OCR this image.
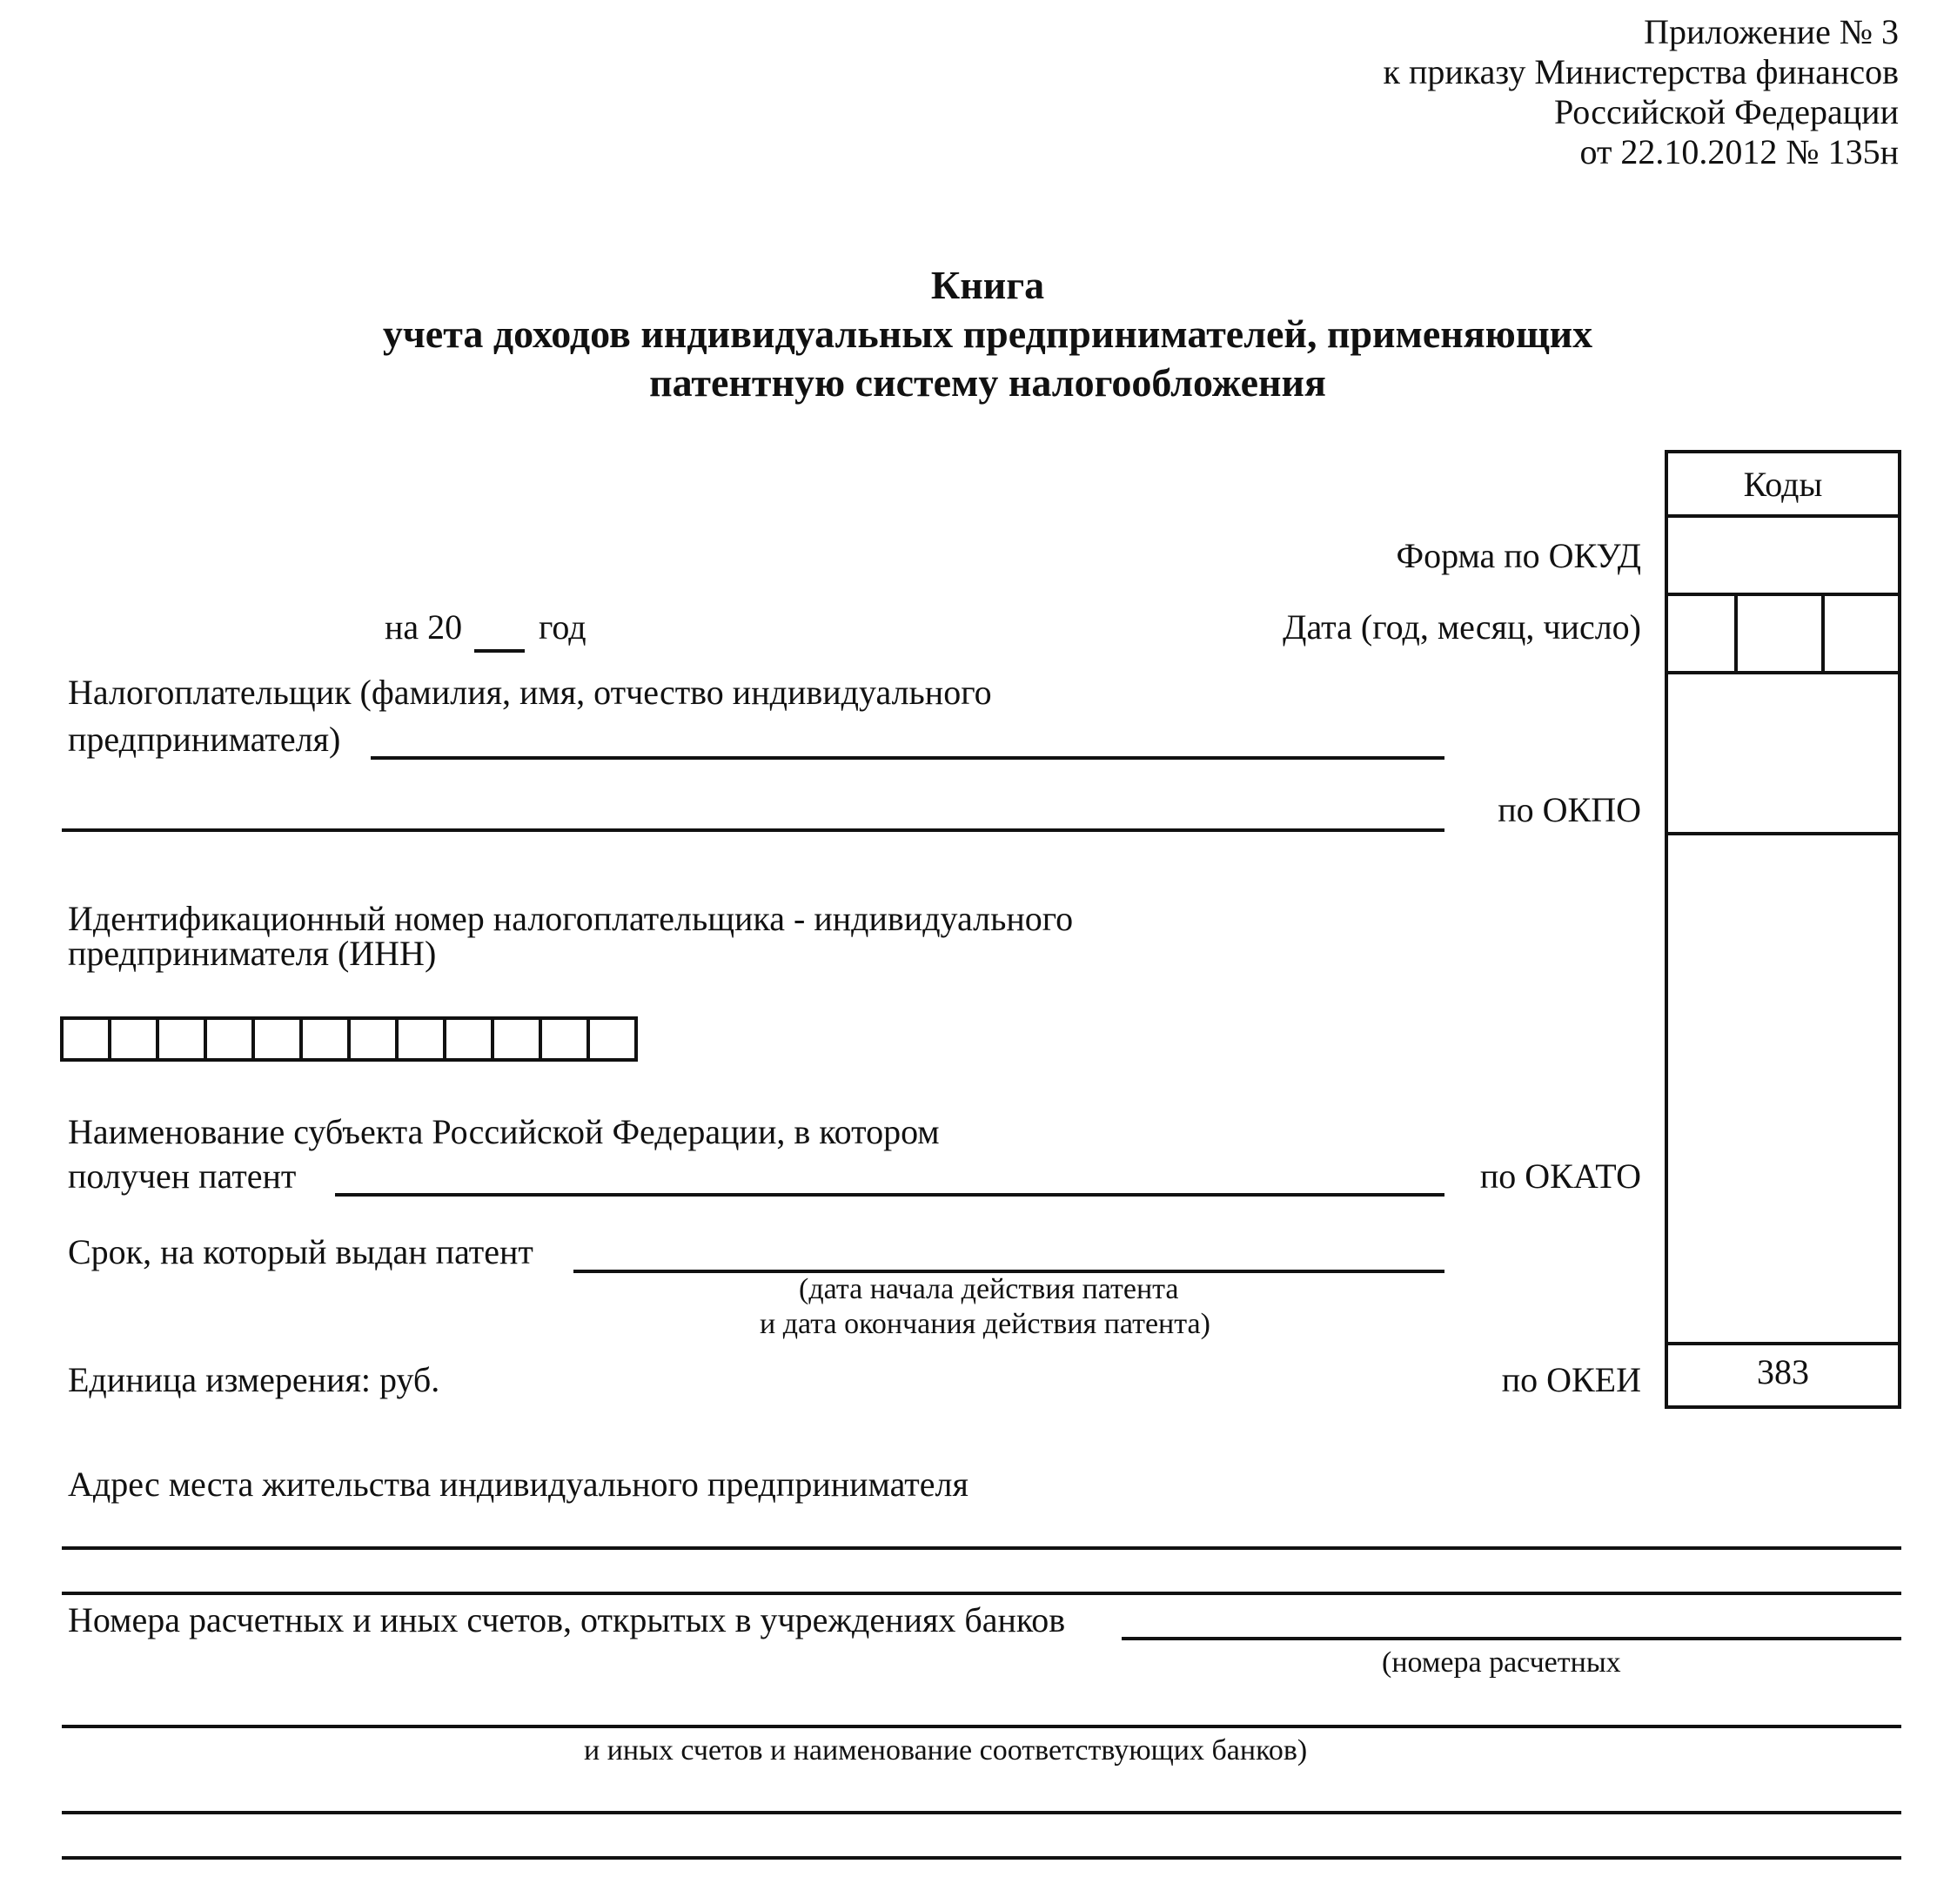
Приложение № 3
к приказу Министерства финансов
Российской Федерации
от 22.10.2012 № 135н
Книга
учета доходов индивидуальных предпринимателей, применяющих
патентную систему налогообложения
Коды
383
Форма по ОКУД
Дата (год, месяц, число)
на 20 год
Налогоплательщик (фамилия, имя, отчество индивидуального
предпринимателя)
по ОКПО
Идентификационный номер налогоплательщика - индивидуального
предпринимателя (ИНН)
Наименование субъекта Российской Федерации, в котором
получен патент	по ОКАТО
Срок, на который выдан патент
(дата начала действия патента
и дата окончания действия патента)
Единица измерения: руб.	по ОКЕИ
Адрес места жительства индивидуального предпринимателя
Номера расчетных и иных счетов, открытых в учреждениях банков
(номера расчетных
и иных счетов и наименование соответствующих банков)
